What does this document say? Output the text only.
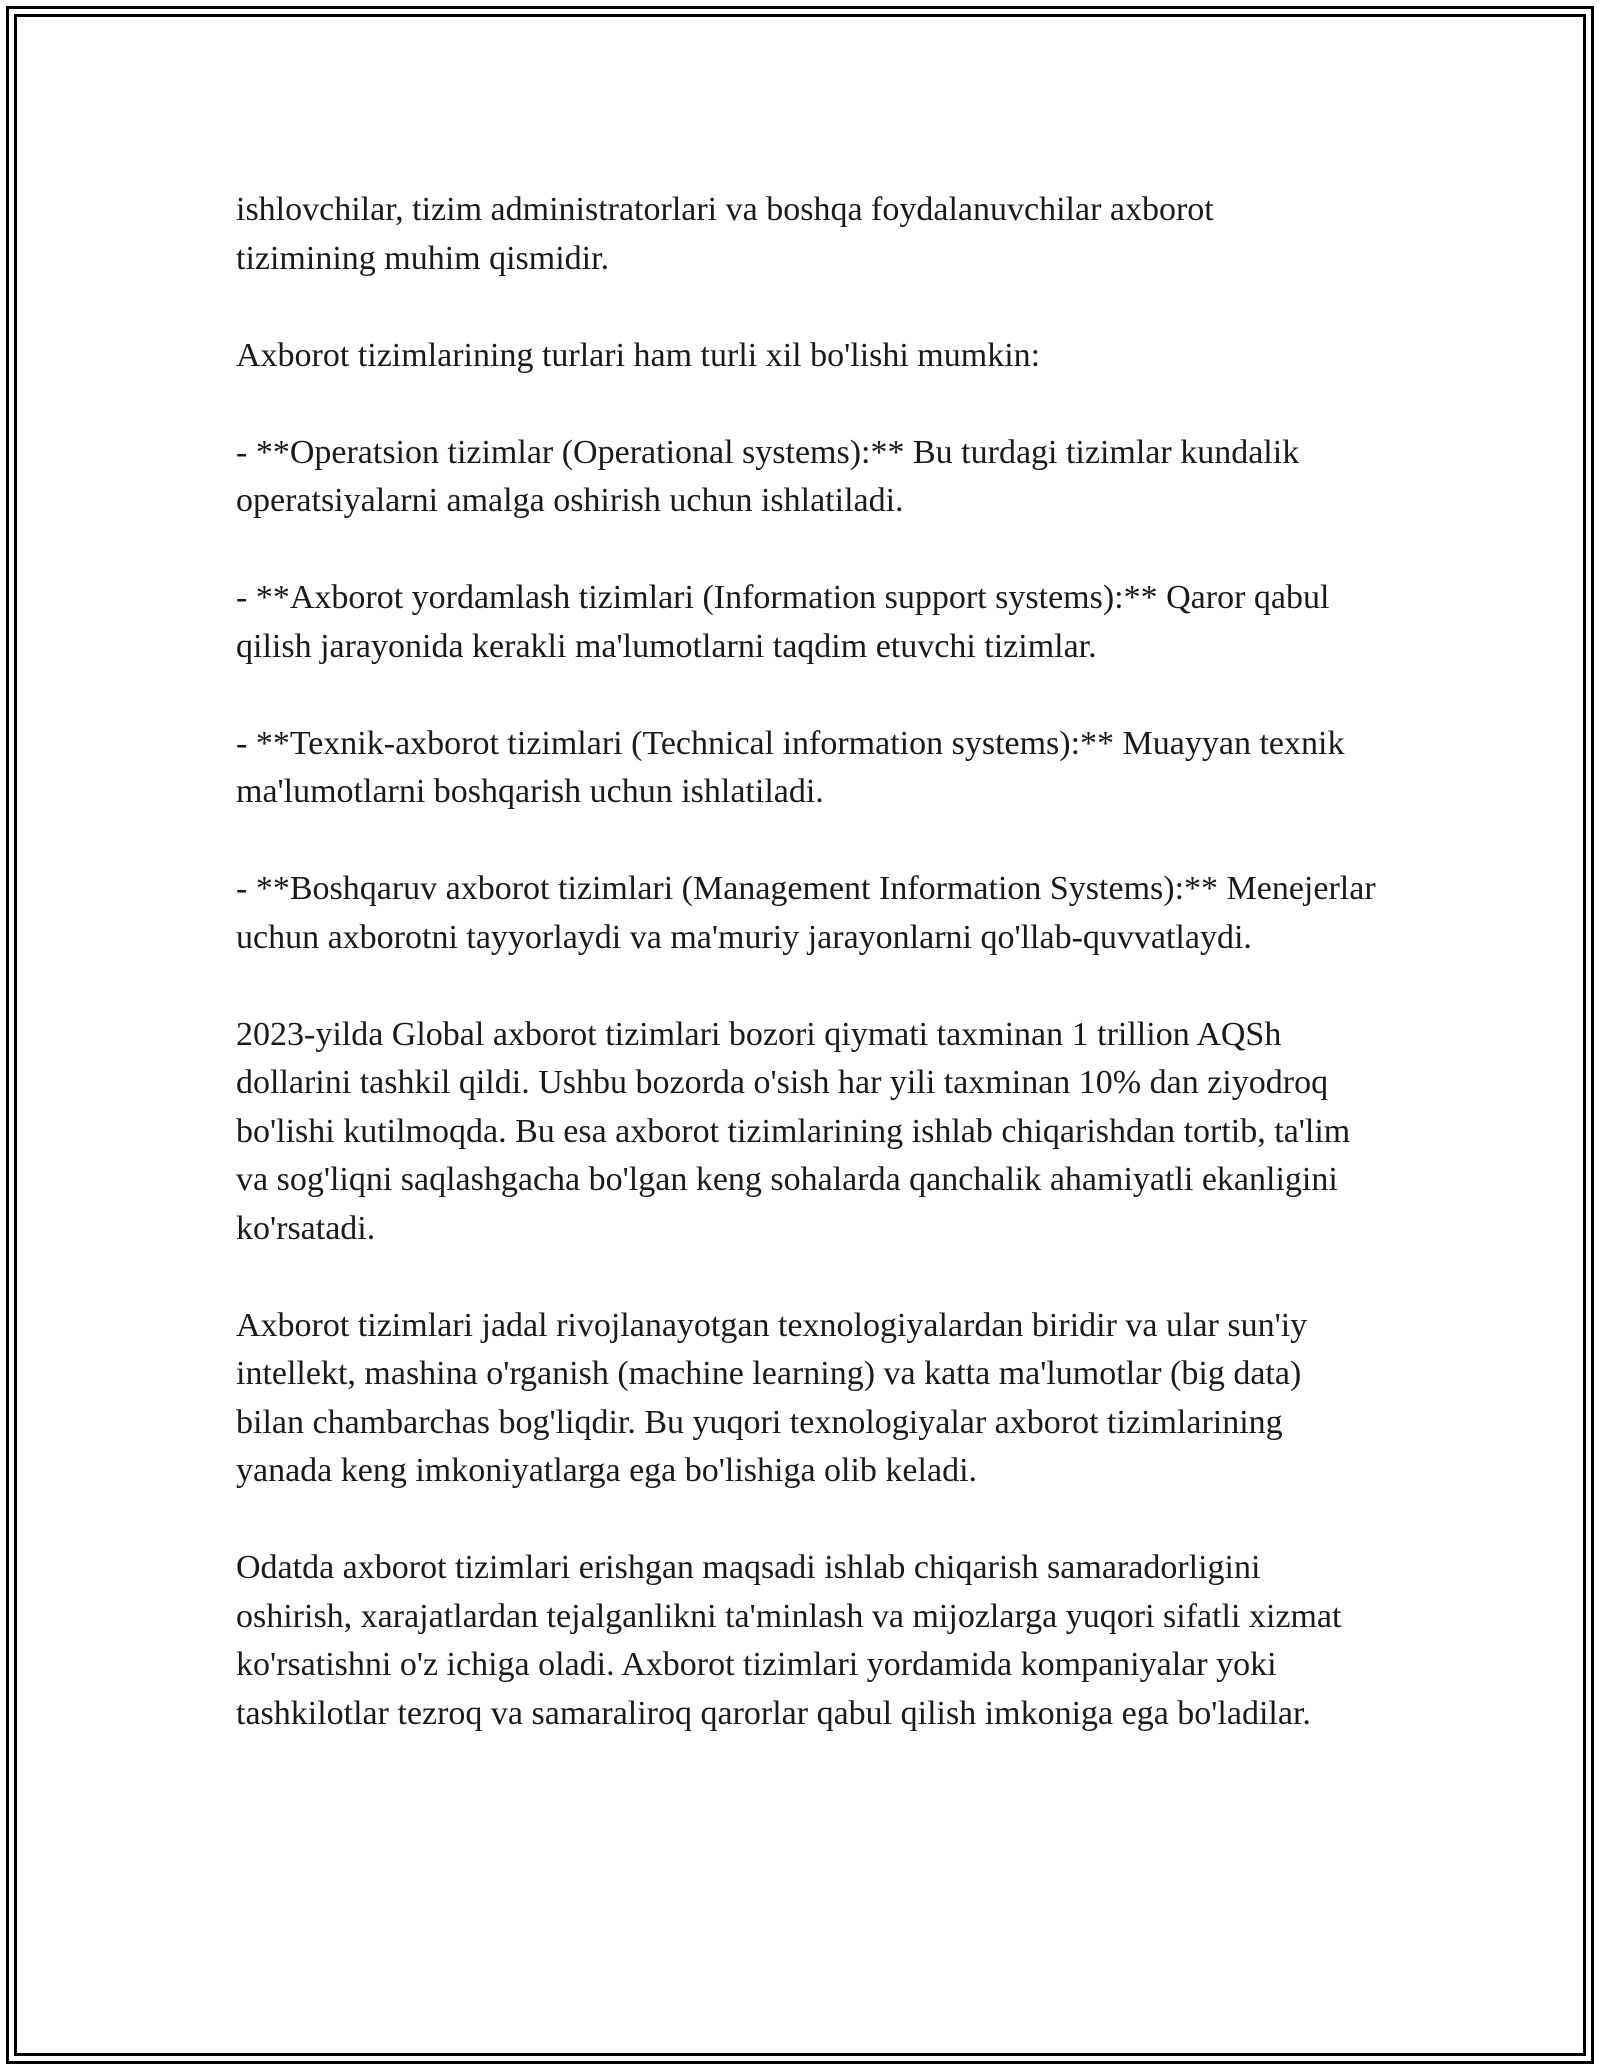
ishlovchilar, tizim administratorlari va boshqa foydalanuvchilar axborot tizimining muhim qismidir.

Axborot tizimlarining turlari ham turli xil bo'lishi mumkin:

- **Operatsion tizimlar (Operational systems):** Bu turdagi tizimlar kundalik operatsiyalarni amalga oshirish uchun ishlatiladi.

- **Axborot yordamlash tizimlari (Information support systems):** Qaror qabul qilish jarayonida kerakli ma'lumotlarni taqdim etuvchi tizimlar.

- **Texnik-axborot tizimlari (Technical information systems):** Muayyan texnik ma'lumotlarni boshqarish uchun ishlatiladi.

- **Boshqaruv axborot tizimlari (Management Information Systems):** Menejerlar uchun axborotni tayyorlaydi va ma'muriy jarayonlarni qo'llab-quvvatlaydi.

2023-yilda Global axborot tizimlari bozori qiymati taxminan 1 trillion AQSh dollarini tashkil qildi. Ushbu bozorda o'sish har yili taxminan 10% dan ziyodroq bo'lishi kutilmoqda. Bu esa axborot tizimlarining ishlab chiqarishdan tortib, ta'lim va sog'liqni saqlashgacha bo'lgan keng sohalarda qanchalik ahamiyatli ekanligini ko'rsatadi.

Axborot tizimlari jadal rivojlanayotgan texnologiyalardan biridir va ular sun'iy intellekt, mashina o'rganish (machine learning) va katta ma'lumotlar (big data) bilan chambarchas bog'liqdir. Bu yuqori texnologiyalar axborot tizimlarining yanada keng imkoniyatlarga ega bo'lishiga olib keladi.

Odatda axborot tizimlari erishgan maqsadi ishlab chiqarish samaradorligini oshirish, xarajatlardan tejalganlikni ta'minlash va mijozlarga yuqori sifatli xizmat ko'rsatishni o'z ichiga oladi. Axborot tizimlari yordamida kompaniyalar yoki tashkilotlar tezroq va samaraliroq qarorlar qabul qilish imkoniga ega bo'ladilar.
